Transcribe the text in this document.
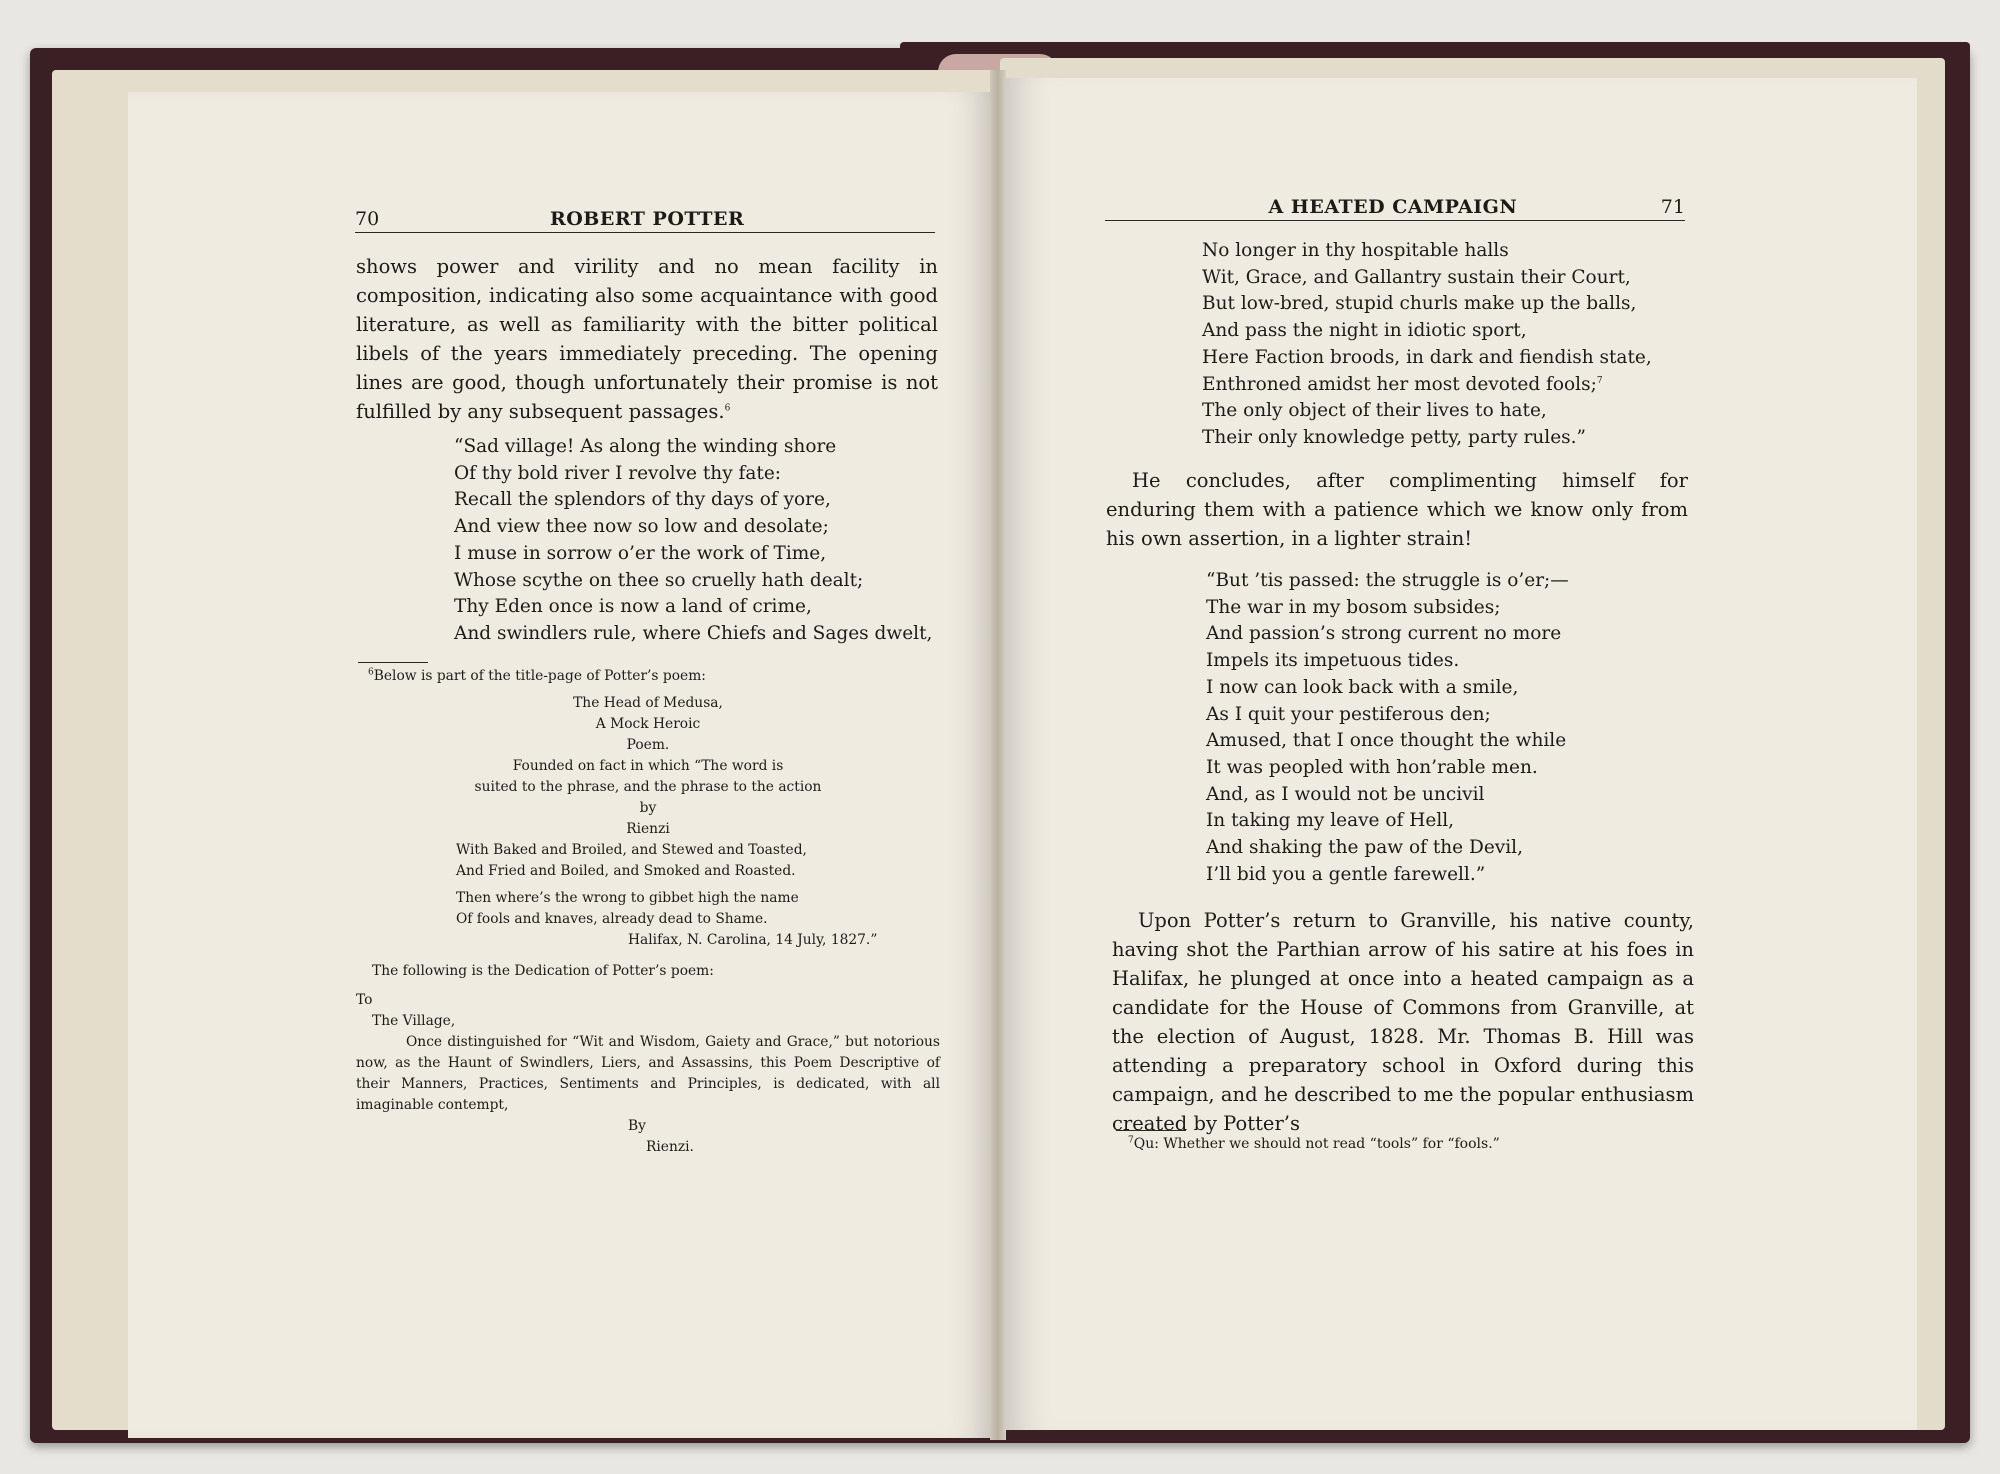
70	ROBERT POTTER

shows power and virility and no mean facility in composition, indicating also some acquaintance with good literature, as well as familiarity with the bitter political libels of the years immediately preceding. The opening lines are good, though unfortunately their promise is not fulfilled by any subsequent passages.$^6$

“Sad village! As along the winding shore
Of thy bold river I revolve thy fate:
Recall the splendors of thy days of yore,
And view thee now so low and desolate;
I muse in sorrow o’er the work of Time,
Whose scythe on thee so cruelly hath dealt;
Thy Eden once is now a land of crime,
And swindlers rule, where Chiefs and Sages dwelt,

$^6$Below is part of the title-page of Potter’s poem:

The Head of Medusa,
A Mock Heroic
Poem.
Founded on fact in which “The word is
suited to the phrase, and the phrase to the action
by
Rienzi
With Baked and Broiled, and Stewed and Toasted,
And Fried and Boiled, and Smoked and Roasted.
Then where’s the wrong to gibbet high the name
Of fools and knaves, already dead to Shame.
Halifax, N. Carolina, 14 July, 1827.”

The following is the Dedication of Potter’s poem:

To
The Village,

Once distinguished for “Wit and Wisdom, Gaiety and Grace,” but notorious now, as the Haunt of Swindlers, Liers, and Assassins, this Poem Descriptive of their Manners, Practices, Sentiments and Principles, is dedicated, with all imaginable contempt,

By
Rienzi.
A HEATED CAMPAIGN	71
No longer in thy hospitable halls
Wit, Grace, and Gallantry sustain their Court,
But low-bred, stupid churls make up the balls,
And pass the night in idiotic sport,
Here Faction broods, in dark and fiendish state,
Enthroned amidst her most devoted fools;$^7$
The only object of their lives to hate,
Their only knowledge petty, party rules.”

He concludes, after complimenting himself for enduring them with a patience which we know only from his own assertion, in a lighter strain!

“But ’tis passed: the struggle is o’er;—
The war in my bosom subsides;
And passion’s strong current no more
Impels its impetuous tides.
I now can look back with a smile,
As I quit your pestiferous den;
Amused, that I once thought the while
It was peopled with hon’rable men.
And, as I would not be uncivil
In taking my leave of Hell,
And shaking the paw of the Devil,
I’ll bid you a gentle farewell.”

Upon Potter’s return to Granville, his native county, having shot the Parthian arrow of his satire at his foes in Halifax, he plunged at once into a heated campaign as a candidate for the House of Commons from Granville, at the election of August, 1828. Mr. Thomas B. Hill was attending a preparatory school in Oxford during this campaign, and he described to me the popular enthusiasm created by Potter’s

$^7$Qu: Whether we should not read “tools” for “fools.”
